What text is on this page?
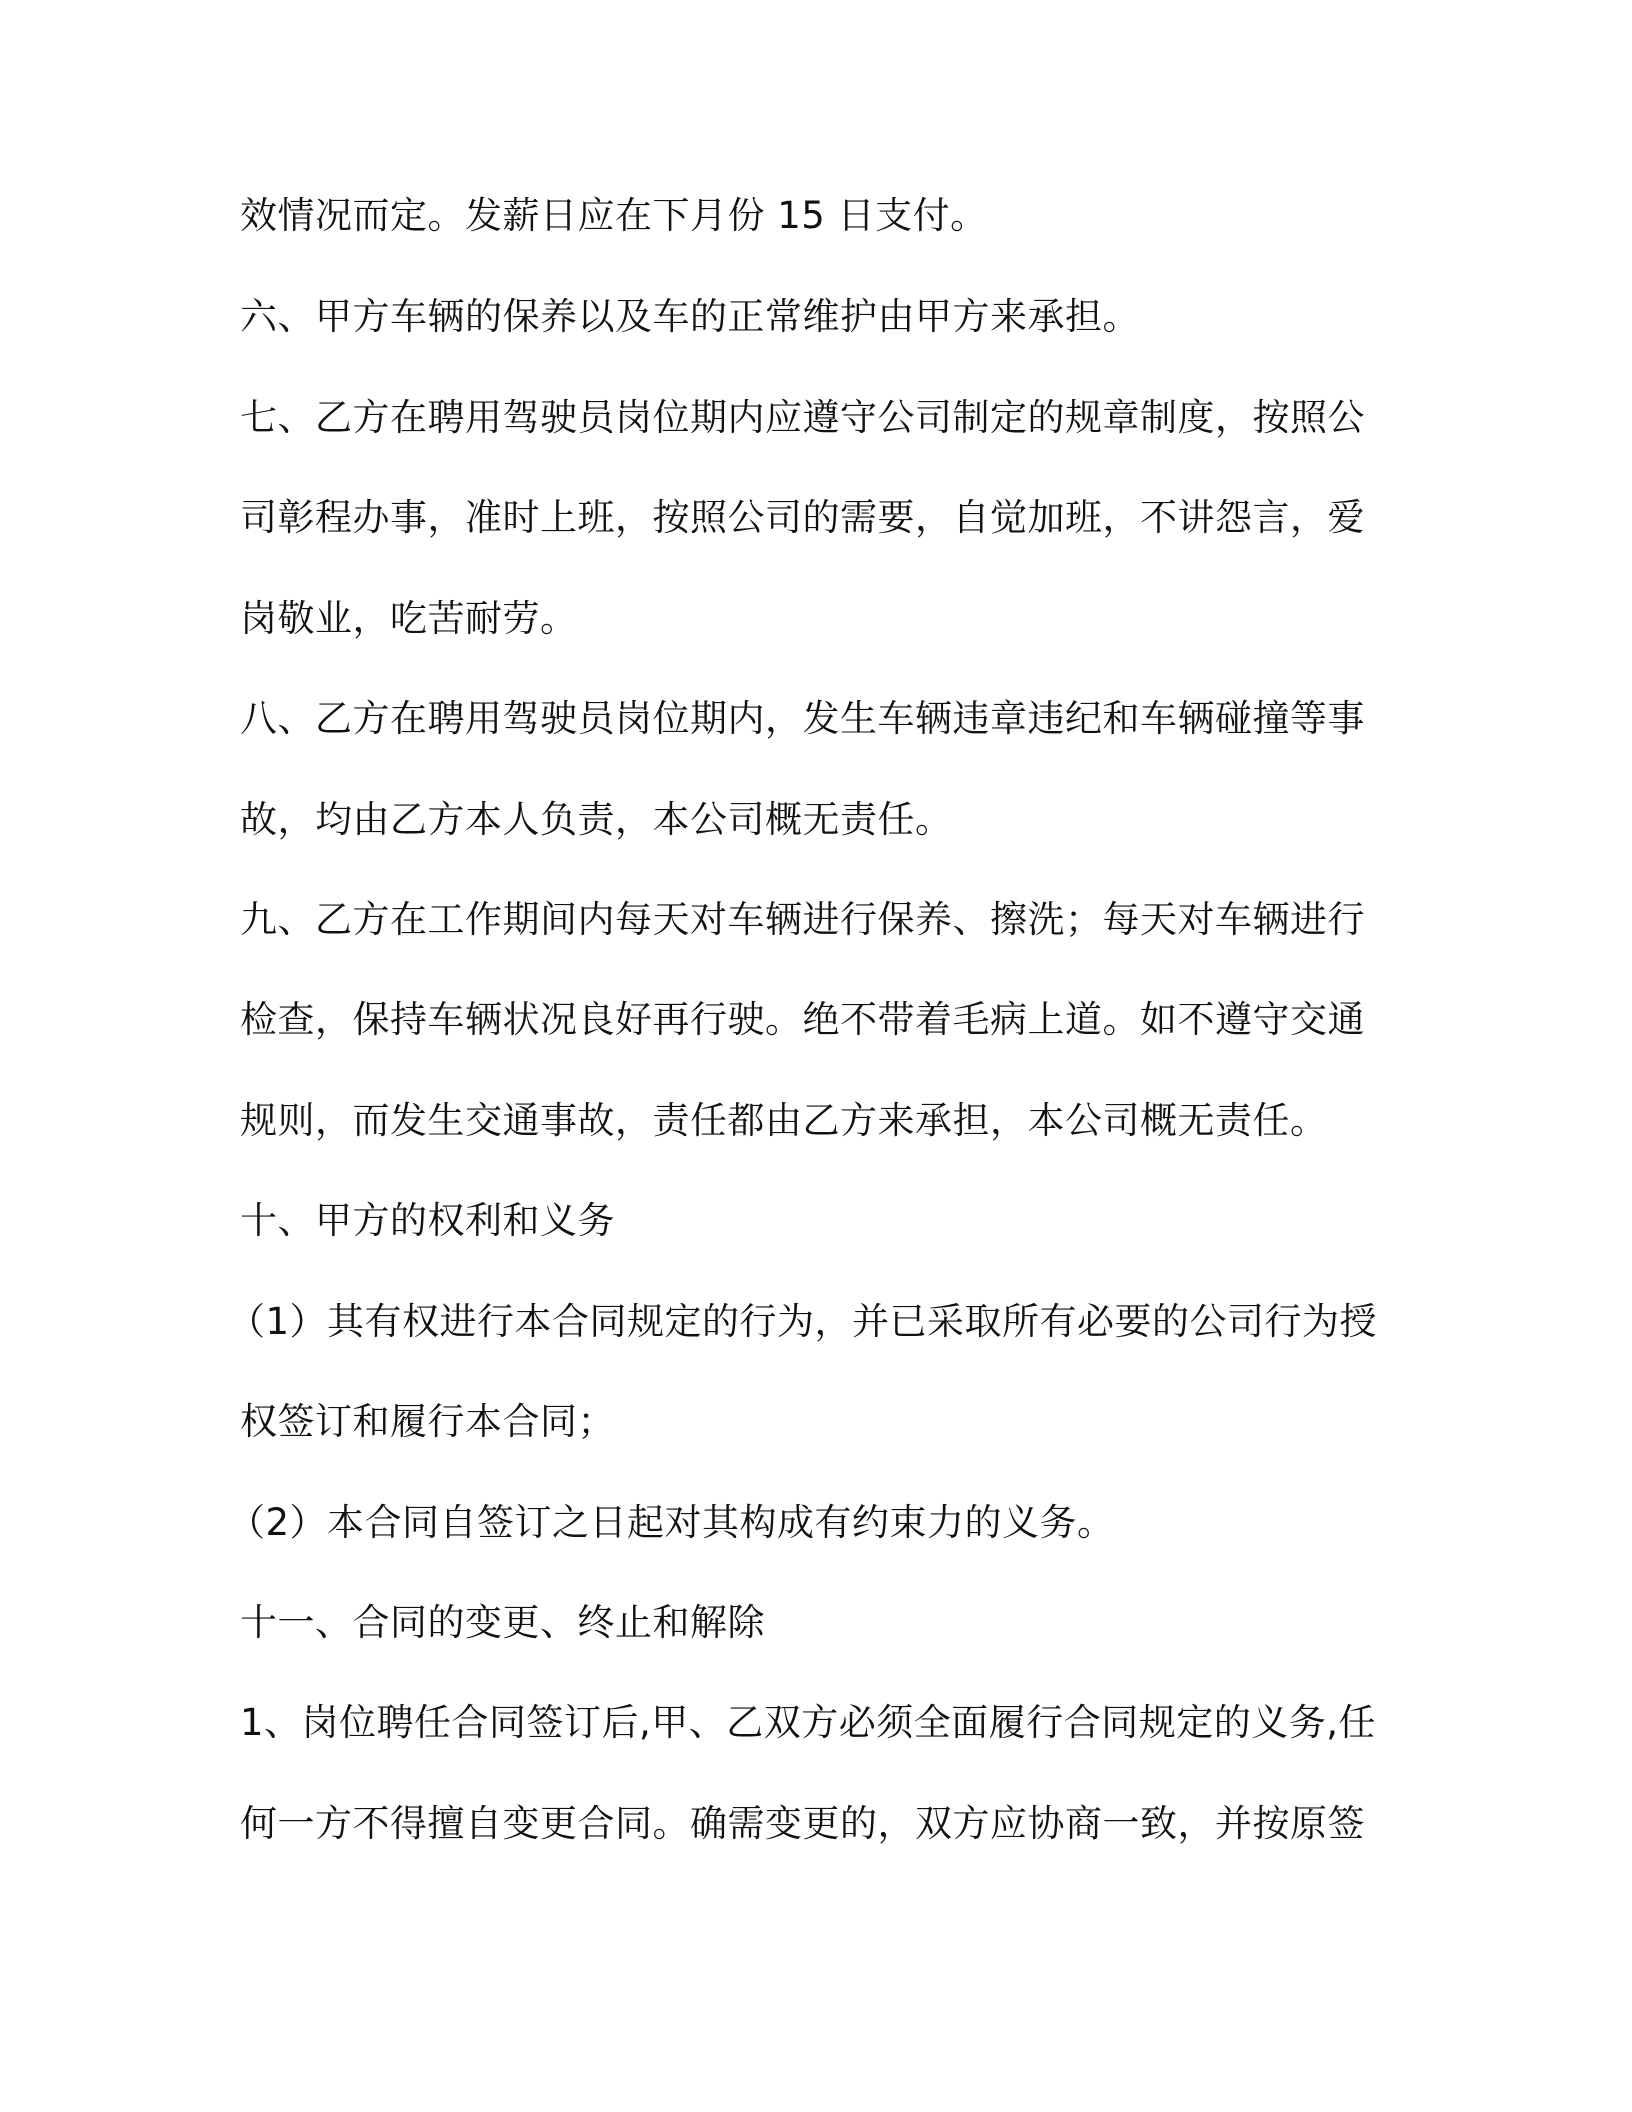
效情况而定。发薪日应在下月份 15 日支付。

六、甲方车辆的保养以及车的正常维护由甲方来承担。

七、乙方在聘用驾驶员岗位期内应遵守公司制定的规章制度，按照公

司彰程办事，准时上班，按照公司的需要，自觉加班，不讲怨言，爱

岗敬业，吃苦耐劳。

八、乙方在聘用驾驶员岗位期内，发生车辆违章违纪和车辆碰撞等事

故，均由乙方本人负责，本公司概无责任。

九、乙方在工作期间内每天对车辆进行保养、擦洗；每天对车辆进行

检查，保持车辆状况良好再行驶。绝不带着毛病上道。如不遵守交通

规则，而发生交通事故，责任都由乙方来承担，本公司概无责任。

十、甲方的权利和义务

（1）其有权进行本合同规定的行为，并已采取所有必要的公司行为授

权签订和履行本合同；

（2）本合同自签订之日起对其构成有约束力的义务。

十一、合同的变更、终止和解除

1、岗位聘任合同签订后,甲、乙双方必须全面履行合同规定的义务,任

何一方不得擅自变更合同。确需变更的，双方应协商一致，并按原签
